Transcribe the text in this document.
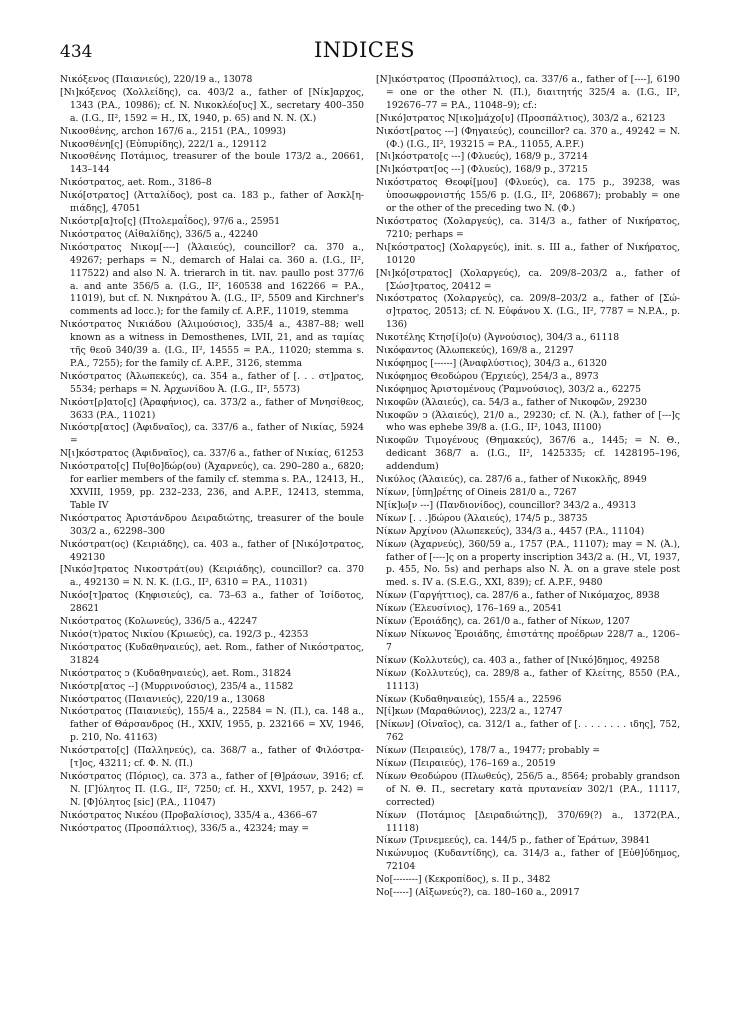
434	INDICES

Νικόξενος (Παιανιεύς), 220/19 a., 13078

[Νι]κόξενος (Χολλείδης), ca. 403/2 a., father of [Νίκ]αρχος, 1343 (P.A., 10986); cf. N. Νικοκλέο[υς] X., secretary 400–350 a. (I.G., II², 1592 = H., IX, 1940, p. 65) and N. N. (X.)

Νικοσθένης, archon 167/6 a., 2151 (P.A., 10993)

Νικοσθένη[ς] (Εὐπυρίδης), 222/1 a., 129112

Νικοσθένης Ποτάμιος, treasurer of the boule 173/2 a., 20661, 143–144

Νικόστρατος, aet. Rom., 3186–8

Νικό[στρατος] (Ἀτταλίδος), post ca. 183 p., father of Ἀσκλ[η-πιάδης], 47051

Νικόστρ[α]το[ς] (Πτολεμαΐδος), 97/6 a., 25951

Νικόστρατος (Αἰθαλίδης), 336/5 a., 42240

Νικόστρατος Νικομ[----] (Ἁλαιεύς), councillor? ca. 370 a., 49267; perhaps = N., demarch of Halai ca. 360 a. (I.G., II², 117522) and also N. Ἀ. trierarch in tit. nav. paullo post 377/6 a. and ante 356/5 a. (I.G., II², 160538 and 162266 = P.A., 11019), but cf. N. Νικηράτου Ἀ. (I.G., II², 5509 and Kirchner's comments ad locc.); for the family cf. A.P.F., 11019, stemma

Νικόστρατος Νικιάδου (Ἁλιμούσιος), 335/4 a., 4387–88; well known as a witness in Demosthenes, LVII, 21, and as ταμίας τῆς θεοῦ 340/39 a. (I.G., II², 14555 = P.A., 11020; stemma s. P.A., 7255); for the family cf. A.P.F., 3126, stemma

Νικόστρατος (Ἀλωπεκεύς), ca. 354 a., father of [. . . στ]ρατος, 5534; perhaps = N. Ἀρχωνίδου Ἀ. (I.G., II², 5573)

Νικόστ[ρ]ατο[ς] (Ἀραφήνιος), ca. 373/2 a., father of Μνησίθεος, 3633 (P.A., 11021)

Νικόστρ[ατος] (Ἀφιδναῖος), ca. 337/6 a., father of Νικίας, 5924 =

N[ι]κόστρατος (Ἀφιδναῖος), ca. 337/6 a., father of Νικίας, 61253

Νικόστρατο[ς] Πυ[θο]δώρ(ου) (Ἀχαρνεύς), ca. 290–280 a., 6820; for earlier members of the family cf. stemma s. P.A., 12413, H., XXVIII, 1959, pp. 232–233, 236, and A.P.F., 12413, stemma, Table IV

Νικόστρατος Ἀριστάνδρου Δειραδιώτης, treasurer of the boule 303/2 a., 62298–300

Νικόστρατ(ος) (Κειριάδης), ca. 403 a., father of [Νικό]στρατος, 492130

[Νικόσ]τρατος Νικοστράτ(ου) (Κειριάδης), councillor? ca. 370 a., 492130 = N. N. K. (I.G., II², 6310 = P.A., 11031)

Νικόσ[τ]ρατος (Κηφισιεύς), ca. 73–63 a., father of Ἰσίδοτος, 28621

Νικόστρατος (Κολωνεύς), 336/5 a., 42247

Νικόσ(τ)ρατος Νικίου (Κριωεύς), ca. 192/3 p., 42353

Νικόστρατος (Κυδαθηναιεύς), aet. Rom., father of Νικόστρατος, 31824

Νικόστρατος ↄ (Κυδαθηναιεύς), aet. Rom., 31824

Νικόστρ[ατος --] (Μυρρινούσιος), 235/4 a., 11582

Νικόστρατος (Παιανιεύς), 220/19 a., 13068

Νικόστρατος (Παιανιεύς), 155/4 a., 22584 = N. (Π.), ca. 148 a., father of Θάρσανδρος (H., XXIV, 1955, p. 232166 = XV, 1946, p. 210, No. 41163)

Νικόστρατο[ς] (Παλληνεύς), ca. 368/7 a., father of Φιλόστρα-[τ]ος, 43211; cf. Φ. N. (Π.)

Νικόστρατος (Πόριος), ca. 373 a., father of [Θ]ράσων, 3916; cf. N. [Γ]ύλητος Π. (I.G., II², 7250; cf. H., XXVI, 1957, p. 242) = N. [Φ]ύλητος [sic] (P.A., 11047)

Νικόστρατος Νικέου (Προβαλίσιος), 335/4 a., 4366–67

Νικόστρατος (Προσπάλτιος), 336/5 a., 42324; may =

[N]ικόστρατος (Προσπάλτιος), ca. 337/6 a., father of [----], 6190 = one or the other N. (Π.), διαιτητής 325/4 a. (I.G., II², 192676–77 = P.A., 11048–9); cf.:

[Νικό]στρατος N[ικο]μάχο[υ] (Προσπάλτιος), 303/2 a., 62123

Νικόστ[ρατος ---] (Φηγαιεύς), councillor? ca. 370 a., 49242 = N. (Φ.) (I.G., II², 193215 = P.A., 11055, A.P.F.)

[Νι]κόστρατο[ς ---] (Φλυεύς), 168/9 p., 37214

[Νι]κόστρατ[ος ---] (Φλυεύς), 168/9 p., 37215

Νικόστρατος Θεοφί[μου] (Φλυεύς), ca. 175 p., 39238, was ὑποσωφρονιστής 155/6 p. (I.G., II², 206867); probably = one or the other of the preceding two N. (Φ.)

Νικόστρατος (Χολαργεύς), ca. 314/3 a., father of Νικήρατος, 7210; perhaps =

Νι[κόστρατος] (Χολαργεύς), init. s. III a., father of Νικήρατος, 10120

[Νι]κό[στρατος] (Χολαργεύς), ca. 209/8–203/2 a., father of [Σώσ]τρατος, 20412 =

Νικόστρατος (Χολαργεύς), ca. 209/8–203/2 a., father of [Σώ-σ]τρατος, 20513; cf. N. Εὐφάνου X. (I.G., II², 7787 = N.P.A., p. 136)

Νικοτέλης Κτησ[ί]ο(υ) (Ἀγνούσιος), 304/3 a., 61118

Νικόφαντος (Ἀλωπεκεύς), 169/8 a., 21297

Νικόφημος [------] (Ἀναφλύστιος), 304/3 a., 61320

Νικόφημος Θεοδώρου (Ἐρχιεύς), 254/3 a., 8973

Νικόφημος Ἀριστομένους (Ῥαμνούσιος), 303/2 a., 62275

Νικοφῶν (Ἁλαιεύς), ca. 54/3 a., father of Νικοφῶν, 29230

Νικοφῶν ↄ (Ἁλαιεύς), 21/0 a., 29230; cf. N. (Ἀ.), father of [---]ς who was ephebe 39/8 a. (I.G., II², 1043, II100)

Νικοφῶν Τιμογένους (Θημακεύς), 367/6 a., 1445; = N. Θ., dedicant 368/7 a. (I.G., II², 1425335; cf. 1428195–196, addendum)

Νικύλος (Ἁλαιεύς), ca. 287/6 a., father of Νικοκλῆς, 8949

Νίκων, [ὑπη]ρέτης of Oineis 281/0 a., 7267

N[ίκ]ω[ν ---] (Πανδιονίδος), councillor? 343/2 a., 49313

Νίκων [. . .]δώρου (Ἁλαιεύς), 174/5 p., 38735

Νίκων Ἀρχίνου (Ἀλωπεκεύς), 334/3 a., 4457 (P.A., 11104)

Νίκων (Ἀχαρνεύς), 360/59 a., 1757 (P.A., 11107); may = N. (Ἀ.), father of [----]ς on a property inscription 343/2 a. (H., VI, 1937, p. 455, No. 5s) and perhaps also N. Ἀ. on a grave stele post med. s. IV a. (S.E.G., XXI, 839); cf. A.P.F., 9480

Νίκων (Γαργήττιος), ca. 287/6 a., father of Νικόμαχος, 8938

Νίκων (Ἐλευσίνιος), 176–169 a., 20541

Νίκων (Ἐροιάδης), ca. 261/0 a., father of Νίκων, 1207

Νίκων Νίκωνος Ἐροιάδης, ἐπιστάτης προέδρων 228/7 a., 1206–7

Νίκων (Κολλυτεύς), ca. 403 a., father of [Νικό]δημος, 49258

Νίκων (Κολλυτεύς), ca. 289/8 a., father of Κλείτης, 8550 (P.A., 11113)

Νίκων (Κυδαθηναιεύς), 155/4 a., 22596

N[ί]κων (Μαραθώνιος), 223/2 a., 12747

[Νίκων] (Οἰναῖος), ca. 312/1 a., father of [. . . . . . . . ιδης], 752, 762

Νίκων (Πειραιεύς), 178/7 a., 19477; probably =

Νίκων (Πειραιεύς), 176–169 a., 20519

Νίκων Θεοδώρου (Πλωθεύς), 256/5 a., 8564; probably grandson of N. Θ. Π., secretary κατὰ πρυτανείαν 302/1 (P.A., 11117, corrected)

Νίκων (Ποτάμιος [Δειραδιώτης]), 370/69(?) a., 1372(P.A., 11118)

Νίκων (Τρινεμεεύς), ca. 144/5 p., father of Ἐράτων, 39841

Νικώνυμος (Κυδαντίδης), ca. 314/3 a., father of [Εὐθ]ύδημος, 72104

Νο[--------] (Κεκροπίδος), s. II p., 3482

Νο[-----] (Αἰξωνεύς?), ca. 180–160 a., 20917
